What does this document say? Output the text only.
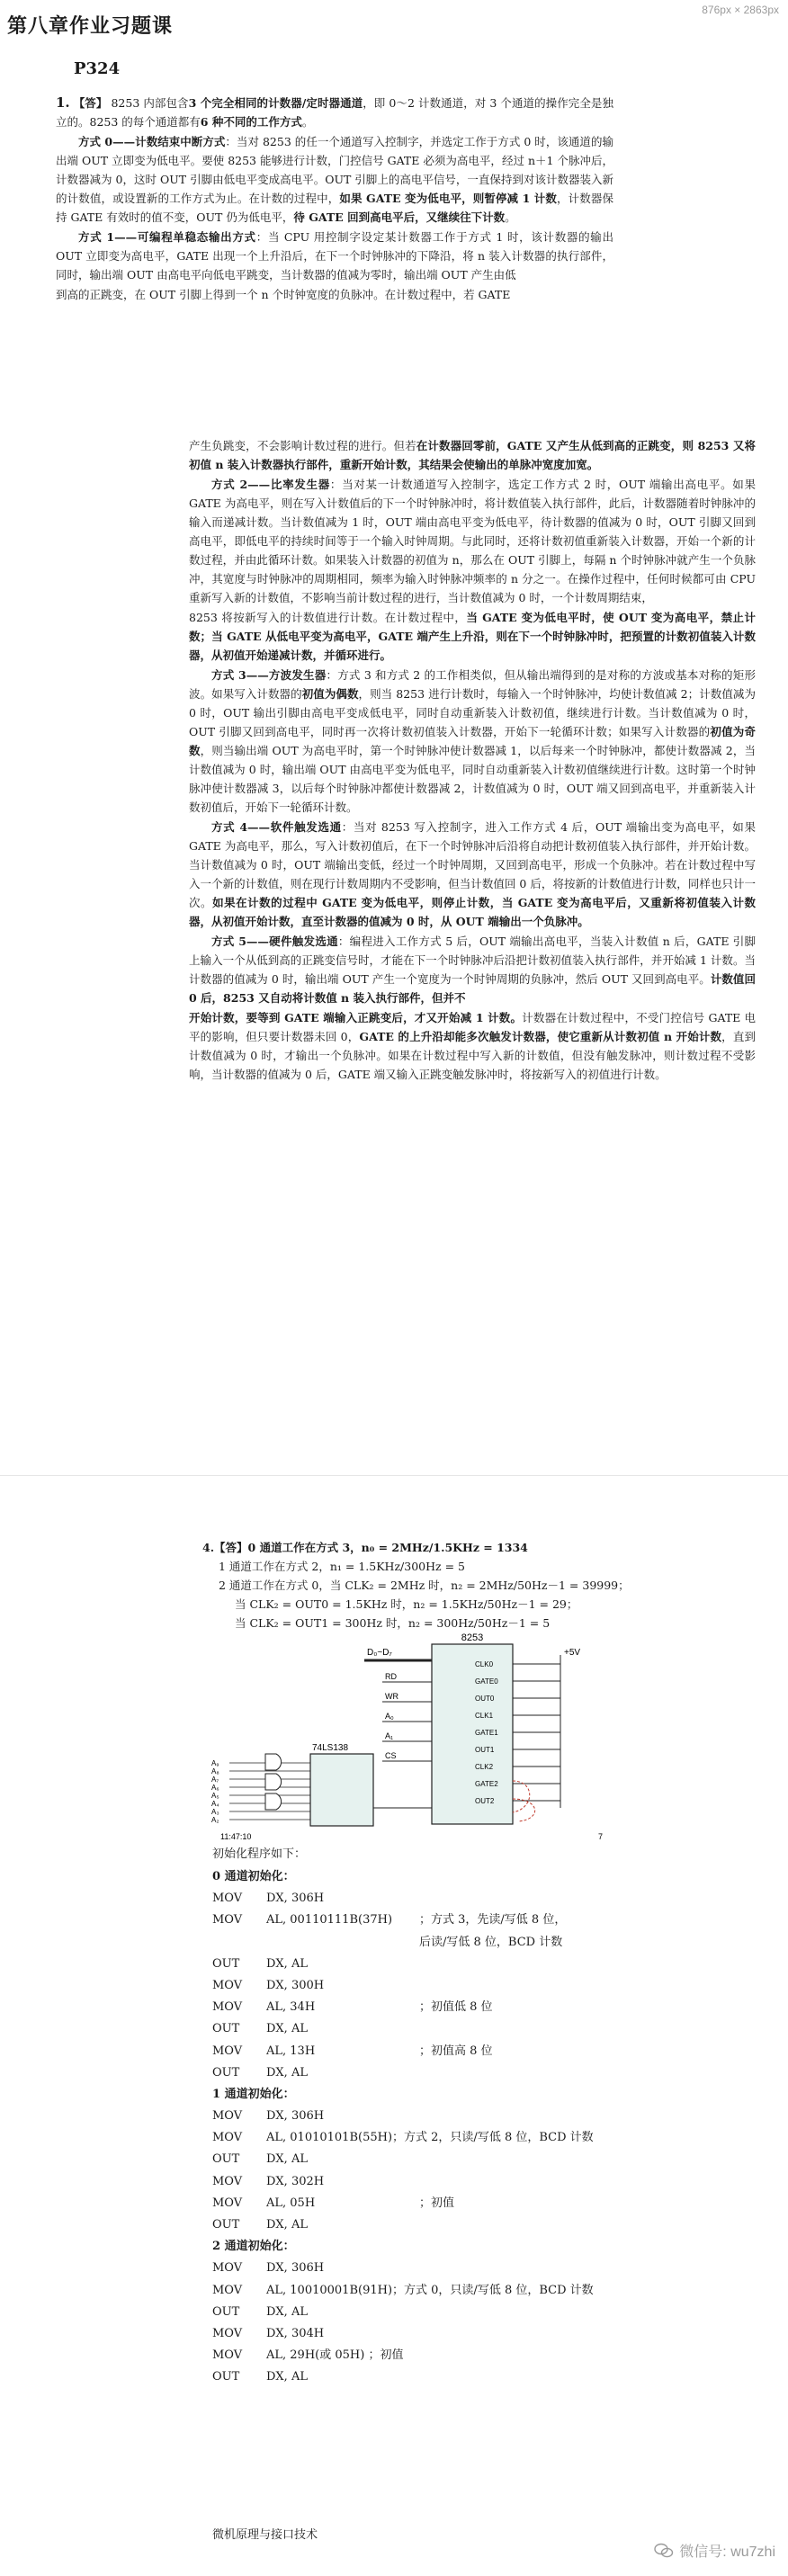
876px × 2863px
第八章作业习题课
P324

1. 【答】 8253 内部包含3 个完全相同的计数器/定时器通道，即 0～2 计数通道，对 3 个通道的操作完全是独立的。8253 的每个通道都有6 种不同的工作方式。

方式 0——计数结束中断方式：当对 8253 的任一个通道写入控制字，并选定工作于方式 0 时，该通道的输出端 OUT 立即变为低电平。要使 8253 能够进行计数，门控信号 GATE 必须为高电平，经过 n＋1 个脉冲后，计数器减为 0，这时 OUT 引脚由低电平变成高电平。OUT 引脚上的高电平信号，一直保持到对该计数器装入新的计数值，或设置新的工作方式为止。在计数的过程中，如果 GATE 变为低电平，则暂停减 1 计数，计数器保持 GATE 有效时的值不变，OUT 仍为低电平，待 GATE 回到高电平后，又继续往下计数。

方式 1——可编程单稳态输出方式：当 CPU 用控制字设定某计数器工作于方式 1 时，该计数器的输出 OUT 立即变为高电平，GATE 出现一个上升沿后，在下一个时钟脉冲的下降沿，将 n 装入计数器的执行部件，同时，输出端 OUT 由高电平向低电平跳变，当计数器的值减为零时，输出端 OUT 产生由低

到高的正跳变，在 OUT 引脚上得到一个 n 个时钟宽度的负脉冲。在计数过程中，若 GATE

产生负跳变，不会影响计数过程的进行。但若在计数器回零前，GATE 又产生从低到高的正跳变，则 8253 又将初值 n 装入计数器执行部件，重新开始计数，其结果会使输出的单脉冲宽度加宽。

方式 2——比率发生器：当对某一计数通道写入控制字，选定工作方式 2 时，OUT 端输出高电平。如果 GATE 为高电平，则在写入计数值后的下一个时钟脉冲时，将计数值装入执行部件，此后，计数器随着时钟脉冲的输入而递减计数。当计数值减为 1 时，OUT 端由高电平变为低电平，待计数器的值减为 0 时，OUT 引脚又回到高电平，即低电平的持续时间等于一个输入时钟周期。与此同时，还将计数初值重新装入计数器，开始一个新的计数过程，并由此循环计数。如果装入计数器的初值为 n，那么在 OUT 引脚上，每隔 n 个时钟脉冲就产生一个负脉冲，其宽度与时钟脉冲的周期相同，频率为输入时钟脉冲频率的 n 分之一。在操作过程中，任何时候都可由 CPU 重新写入新的计数值，不影响当前计数过程的进行，当计数值减为 0 时，一个计数周期结束，

8253 将按新写入的计数值进行计数。在计数过程中，当 GATE 变为低电平时，使 OUT 变为高电平，禁止计数；当 GATE 从低电平变为高电平，GATE 端产生上升沿，则在下一个时钟脉冲时，把预置的计数初值装入计数器，从初值开始递减计数，并循环进行。

方式 3——方波发生器：方式 3 和方式 2 的工作相类似，但从输出端得到的是对称的方波或基本对称的矩形波。如果写入计数器的初值为偶数，则当 8253 进行计数时，每输入一个时钟脉冲，均使计数值减 2；计数值减为 0 时，OUT 输出引脚由高电平变成低电平，同时自动重新装入计数初值，继续进行计数。当计数值减为 0 时，OUT 引脚又回到高电平，同时再一次将计数初值装入计数器，开始下一轮循环计数；如果写入计数器的初值为奇数，则当输出端 OUT 为高电平时，第一个时钟脉冲使计数器减 1，以后每来一个时钟脉冲，都使计数器减 2，当计数值减为 0 时，输出端 OUT 由高电平变为低电平，同时自动重新装入计数初值继续进行计数。这时第一个时钟脉冲使计数器减 3，以后每个时钟脉冲都使计数器减 2，计数值减为 0 时，OUT 端又回到高电平，并重新装入计数初值后，开始下一轮循环计数。

方式 4——软件触发选通：当对 8253 写入控制字，进入工作方式 4 后，OUT 端输出变为高电平，如果 GATE 为高电平，那么，写入计数初值后，在下一个时钟脉冲后沿将自动把计数初值装入执行部件，并开始计数。当计数值减为 0 时，OUT 端输出变低，经过一个时钟周期，又回到高电平，形成一个负脉冲。若在计数过程中写入一个新的计数值，则在现行计数周期内不受影响，但当计数值回 0 后，将按新的计数值进行计数，同样也只计一次。如果在计数的过程中 GATE 变为低电平，则停止计数，当 GATE 变为高电平后，又重新将初值装入计数器，从初值开始计数，直至计数器的值减为 0 时，从 OUT 端输出一个负脉冲。

方式 5——硬件触发选通：编程进入工作方式 5 后，OUT 端输出高电平，当装入计数值 n 后，GATE 引脚上输入一个从低到高的正跳变信号时，才能在下一个时钟脉冲后沿把计数初值装入执行部件，并开始减 1 计数。当计数器的值减为 0 时，输出端 OUT 产生一个宽度为一个时钟周期的负脉冲，然后 OUT 又回到高电平。计数值回 0 后，8253 又自动将计数值 n 装入执行部件，但并不

开始计数，要等到 GATE 端输入正跳变后，才又开始减 1 计数。计数器在计数过程中，不受门控信号 GATE 电平的影响，但只要计数器未回 0，GATE 的上升沿却能多次触发计数器，使它重新从计数初值 n 开始计数，直到计数值减为 0 时，才输出一个负脉冲。如果在计数过程中写入新的计数值，但没有触发脉冲，则计数过程不受影响，当计数器的值减为 0 后，GATE 端又输入正跳变触发脉冲时，将按新写入的初值进行计数。

4.【答】0 通道工作在方式 3，n₀ = 2MHz/1.5KHz = 1334
1 通道工作在方式 2，n₁ = 1.5KHz/300Hz = 5
2 通道工作在方式 0，当 CLK₂ = 2MHz 时，n₂ = 2MHz/50Hz－1 = 39999；
当 CLK₂ = OUT0 = 1.5KHz 时，n₂ = 1.5KHz/50Hz－1 = 29；
当 CLK₂ = OUT1 = 300Hz 时，n₂ = 300Hz/50Hz－1 = 5
8253
D₀~D₇
RD
WR
A₀
A₁
CS
CLK0
GATE0
OUT0
CLK1
GATE1
OUT1
CLK2
GATE2
OUT2
+5V
74LS138
A₉
A₈
A₇
A₆
A₅
A₄
A₃
A₂
11:47:10	7
初始化程序如下：
0 通道初始化：
MOV DX, 306H
MOV AL, 00110111B(37H) ；方式 3，先读/写低 8 位，
后读/写低 8 位，BCD 计数
OUT DX, AL
MOV DX, 300H
MOV AL, 34H	；初值低 8 位
OUT DX, AL
MOV AL, 13H	；初值高 8 位
OUT DX, AL
1 通道初始化：
MOV DX, 306H
MOV AL, 01010101B(55H)；方式 2，只读/写低 8 位，BCD 计数
OUT DX, AL
MOV DX, 302H
MOV AL, 05H	；初值
OUT DX, AL
2 通道初始化：
MOV DX, 306H
MOV AL, 10010001B(91H)；方式 0，只读/写低 8 位，BCD 计数
OUT DX, AL
MOV DX, 304H
MOV AL, 29H(或 05H) ；初值
OUT DX, AL
微机原理与接口技术
微信号: wu7zhi
